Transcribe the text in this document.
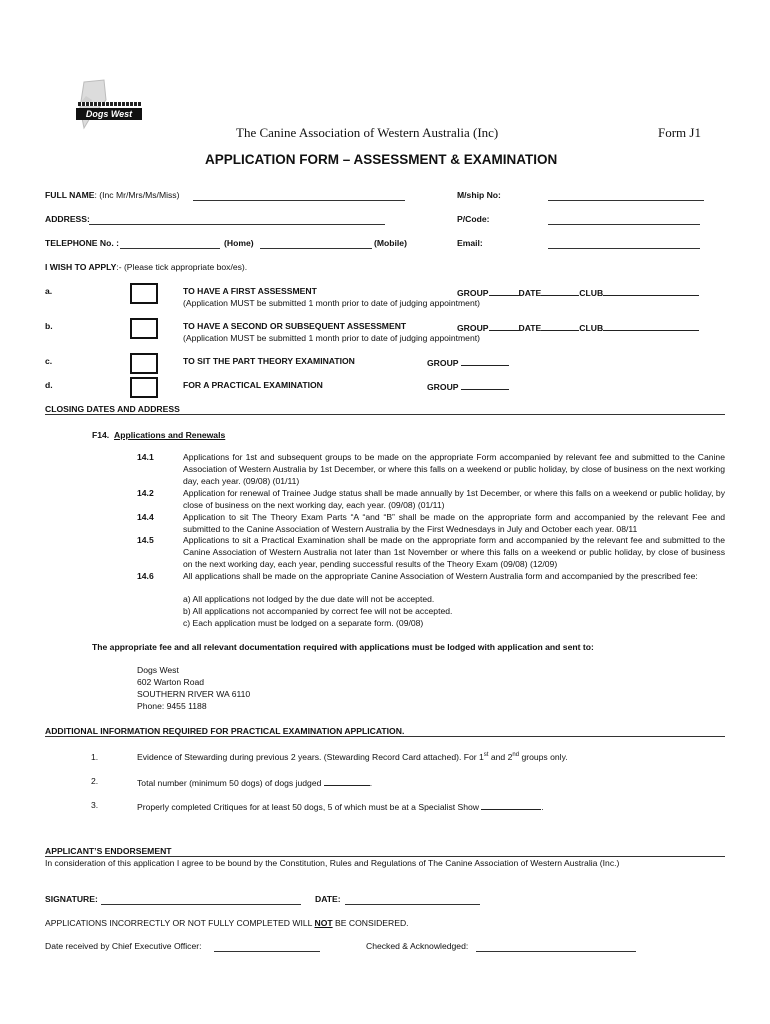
Dogs West
The Canine Association of Western Australia (Inc)	Form J1
APPLICATION FORM – ASSESSMENT & EXAMINATION
FULL NAME: (Inc Mr/Mrs/Ms/Miss)	M/ship No:
ADDRESS:	P/Code:
TELEPHONE No. :	(Home)	(Mobile)	Email:
I WISH TO APPLY:- (Please tick appropriate box/es).
a.	TO HAVE A FIRST ASSESSMENT	GROUP	DATE	CLUB
(Application MUST be submitted 1 month prior to date of judging appointment)
b.	TO HAVE A SECOND OR SUBSEQUENT ASSESSMENT	GROUP	DATE	CLUB
(Application MUST be submitted 1 month prior to date of judging appointment)
c.	TO SIT THE PART THEORY EXAMINATION	GROUP
d.	FOR A PRACTICAL EXAMINATION	GROUP
CLOSING DATES AND ADDRESS
F14. Applications and Renewals
14.1	Applications for 1st and subsequent groups to be made on the appropriate Form accompanied by relevant fee and submitted to the Canine Association of Western Australia by 1st December, or where this falls on a weekend or public holiday, by close of business on the next working day, each year. (09/08) (01/11)
14.2	Application for renewal of Trainee Judge status shall be made annually by 1st December, or where this falls on a weekend or public holiday, by close of business on the next working day, each year. (09/08) (01/11)
14.4	Application to sit The Theory Exam Parts “A “and “B” shall be made on the appropriate form and accompanied by the relevant Fee and submitted to the Canine Association of Western Australia by the First Wednesdays in July and October each year. 08/11
14.5	Applications to sit a Practical Examination shall be made on the appropriate form and accompanied by the relevant fee and submitted to the Canine Association of Western Australia not later than 1st November or where this falls on a weekend or public holiday, by close of business on the next working day, each year, pending successful results of the Theory Exam (09/08) (12/09)
14.6	All applications shall be made on the appropriate Canine Association of Western Australia form and accompanied by the prescribed fee:
a) All applications not lodged by the due date will not be accepted.
b) All applications not accompanied by correct fee will not be accepted.
c) Each application must be lodged on a separate form. (09/08)
The appropriate fee and all relevant documentation required with applications must be lodged with application and sent to:
Dogs West
602 Warton Road
SOUTHERN RIVER WA 6110
Phone: 9455 1188
ADDITIONAL INFORMATION REQUIRED FOR PRACTICAL EXAMINATION APPLICATION.
1.	Evidence of Stewarding during previous 2 years. (Stewarding Record Card attached). For 1st and 2nd groups only.
2.	Total number (minimum 50 dogs) of dogs judged	.
3.	Properly completed Critiques for at least 50 dogs, 5 of which must be at a Specialist Show	.
APPLICANT’S ENDORSEMENT
In consideration of this application I agree to be bound by the Constitution, Rules and Regulations of The Canine Association of Western Australia (Inc.)
SIGNATURE:	DATE:
APPLICATIONS INCORRECTLY OR NOT FULLY COMPLETED WILL NOT BE CONSIDERED.
Date received by Chief Executive Officer:	Checked & Acknowledged:
